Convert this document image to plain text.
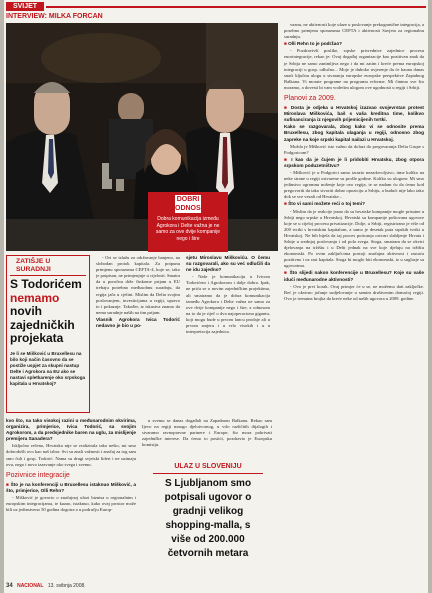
SVIJET
INTERVIEW: MILKA FORCAN
DOBRI ODNOSI
Dobra komunikacija između Agrokora i Delte važna je ne samo za ove dvije kompanije nego i šire
ZATIŠJE U SURADNJI
S Todorićem
nemamo
novih
zajedničkih
projekata
Je li se Mišković u Bruxellesu na bilo koji način časovno da se postiže uspjet za skupni nastup Delte i Agrokora na EU ako se nastavi spletkarenje oko srpskoga kapitala u Hrvatskoj?

- Ori se izlažu za održavanje banjeno, na slobodan protok kapitala. Za potpunu primjenu sporazuma CEFTA-4, koje se, iako je potpisan, ne primjenjuje u cijelosti. Smatra da u poročnu drže činkome prijam u EU trebaju potrebno međusobnu suradnju, da regija jača u cjelini. Mislim da Delta svojim poslovanjem, investicijama u regiji, upravo to i pokazuje. Također, iz iskustva znamo da nema suradnje naših na tim prijam.

Vlasnik Agrokora Ivica Todorić nedavno je bio u po-

sjetu Miroslavu Miškoviću. O čemu su razgovarali, ako su već odlučili da ne idu zajedno?

- Naše je komunikaciju u Ivicom Todorićem i Agrokorom i dalje dobra. Ipak, ne prića se o novim zajedničkim projektima, ali smatramo da je dobra komunikacija između Agrokora i Delte važna ne samo za ove dvije kompanije nego i šire, a odnosom na to da je riječ o dva najoperaciona gigantu, koji mogu bude u prvom lancu prodaje ali u prvom smjeru i u vrlo visokih i u u interpretacija zajednica.

kvo što, na tako visokoj razini u međunarodnim okvirima, organizira, primjerice, Ivica Todorić, sa svojim Agrokorom, a da predsjednike baren na uglu, za mislijenje premijeru Sanadera?

Isključno rečeno, Hrvatska nije se realizirala tako nešto, mi smo dobrodošli ovo kao naš izbor. Svi su znali važnosti i značaj za tog sam smo čuli i gosp. Todorić. Nama su drugi svjetski lideri i ne uzimaju ovu, nego i novo izazvanje oko svega i svemu.

Pozivnice integracije

■ Što je na konferenciji u Bruxellesu istaknuo Mišković, a što, primjerice, Olli Rehn?

- Mišković je govorio o značajnoj ulozi biznisa u regionalnim i europskim integracijama, te kazao, istaknuo, kako ovaj prostor može bili uz jedinstveno 50 godina dogotra a u području Europ-

u svemu se danas događali na Zapadnom Balkanu. Rekao sam Ijevo na regiji mnogo djelotvornog, u vrlo različitih dijalogih i stvaramo ravnopravne partnere i Europe, što mora pokrivati zajedničke interese. Da ćemo to postići, pozdravio je Europsku komisiju.

ULAZ U SLOVENIJU
S Ljubljanom smo
potpisali ugovor o
gradnji velikog
shopping-malla, s
više od 200.000
četvornih metara

vaznu, ne aktivnosti koje ulaze u poslovanje prekogranične integracija, a posebno primjena sporazuma CEFTA i aktivnosti Savjeta za regionalnu suradnju.

■ Olli Rehn to je podržao?

- Pozdravivši poslike, srpske privrednice zajednice procesu eurointegracije, rekao je: Ovaj događaj organizacije kao pozitivan znak da je Srbija ne samo zanimljiva nego i da mi zatim i kreće prema europskoj integraciji u gosp. odlučno... Moje je duboko uvjerenje da će hauna danas snaći ključnu ulogu u stvaranju europske europske perspektive Zapadnog Balkana. Vi morate programe na programu reforme. Mi činimo sve što moramo, a dovesti bi vam vodećim ulogom ove ugodnosti u regiji i Srbiji.

Planovi za 2009.

■ Dosta je odjeka u Hrvatskoj izazvao svojevrstan protest Miroslava Miškovića, baš s vaša kreditna time, kolikvo sufinanciranja iz njegovih prijemicijenih tvrtki.

Kako se razgovarala, zbog kako vi se odnosite prema Bruxellesu, zbog kapitala ulaganja u regiji, odnosno zbog zapreke na koje srpski kapital nailazi u Hrvatskoj.

Možda je Mišković isto važno da dolazi do pregovaranja Delta Grupe s Podgoricom?

■ I kao da je čujem je li pridobiti Hrvatsku, zbog otpora srpskom poduzetništvu?

- Mišković je u Podgorici samo izrazio nezadovoljstvo, time koliko na neke strane u regiji ostvarene su prošle godine. Koliko su ulogom: Mi smo jedinstvo ogromnu nošenje koje ovo regija, te se nadam ću da ćemo kod pregovoriti da tako stvoriti dobar opoziciju u Srbiju, a budući nije lako tako dok se sve vezali od Hrvatske...

■ Što vi sami možete reći o toj temi?

- Mislim da je reakcije jasno da su hrvatske kompanije mogle prisutne u Srbiji nego srpske u Hrvatskoj. Hrvatski su kompanije poštovana ugovore koje se u cijeloj procesu privatizacije. Dolje, u Srbiji, registrirano je više od 200 tvrtki s hrvatskim kapitalom, a samo je desetak puta srpskih tvrtki u Hrvatskoj. Ne bih htjela da taj proces poticanja ostvari slabljenje Hrvata i Srbije u srednjoj poslovanju i od pola svega. Stoga, smatram da se okviri djelovanja na tržištu i u Delti jednak na sve koje djeluju na tržištu ekonomski. Po ovim zaključcima postoji značajna aktivnost i rastuća pozitivno i uz rast kapitala. Stoga bi moglo biti ekonomski, iz u suglasje sa ugovorima.

■ Što slijedi nakon konferencije u Bruxellesu? Koje su vaše idući međunarodne aktivnosti?

- Ovo je prvi korak. Ovaj primjer će u se, ne možemo dati zaključke. Reć je okvirno jačanje sudjelovanje u samim društvenim domaćoj regiji. Ovo je trenutna brojka da kreće neke od naših ugovora u 2009. godine.

34 NACIONAL 13. svibnja 2008.
